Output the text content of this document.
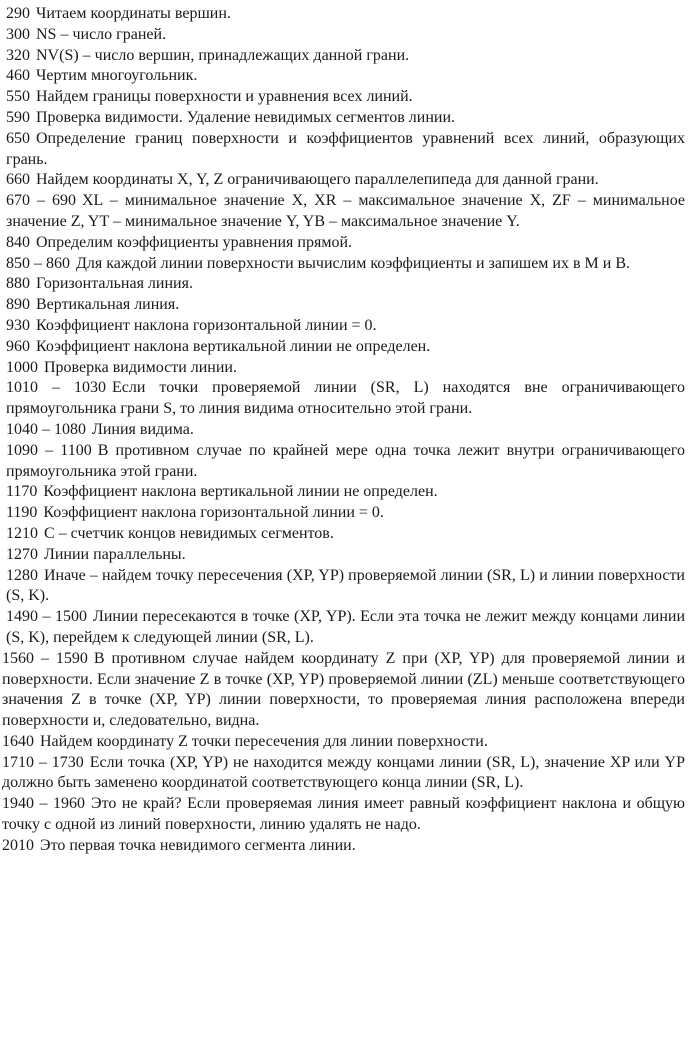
290 Читаем координаты вершин.

300 NS – число граней.

320 NV(S) – число вершин, принадлежащих данной грани.

460 Чертим многоугольник.

550 Найдем границы поверхности и уравнения всех линий.

590 Проверка видимости. Удаление невидимых сегментов линии.

650 Определение границ поверхности и коэффициентов уравнений всех линий, образующих грань.

660 Найдем координаты X, Y, Z ограничивающего параллелепипеда для данной грани.

670 – 690 XL – минимальное значение X, XR – максимальное значение X, ZF – минимальное значение Z, YT – минимальное значение Y, YB – максимальное значение Y.

840 Определим коэффициенты уравнения прямой.

850 – 860 Для каждой линии поверхности вычислим коэффициенты и запишем их в M и B.

880 Горизонтальная линия.

890 Вертикальная линия.

930 Коэффициент наклона горизонтальной линии = 0.

960 Коэффициент наклона вертикальной линии не определен.

1000 Проверка видимости линии.

1010 – 1030 Если точки проверяемой линии (SR, L) находятся вне ограничивающего прямоугольника грани S, то линия видима относительно этой грани.

1040 – 1080 Линия видима.

1090 – 1100 В противном случае по крайней мере одна точка лежит внутри ограничивающего прямоугольника этой грани.

1170 Коэффициент наклона вертикальной линии не определен.

1190 Коэффициент наклона горизонтальной линии = 0.

1210 C – счетчик концов невидимых сегментов.

1270 Линии параллельны.

1280 Иначе – найдем точку пересечения (XP, YP) проверяемой линии (SR, L) и линии поверхности (S, K).

1490 – 1500 Линии пересекаются в точке (XP, YP). Если эта точка не лежит между концами линии (S, K), перейдем к следующей линии (SR, L).

1560 – 1590 В противном случае найдем координату Z при (XP, YP) для проверяемой линии и поверхности. Если значение Z в точке (XP, YP) проверяемой линии (ZL) меньше соответствующего значения Z в точке (XP, YP) линии поверхности, то проверяемая линия расположена впереди поверхности и, следовательно, видна.

1640 Найдем координату Z точки пересечения для линии поверхности.

1710 – 1730 Если точка (XP, YP) не находится между концами линии (SR, L), значение XP или YP должно быть заменено координатой соответствующего конца линии (SR, L).

1940 – 1960 Это не край? Если проверяемая линия имеет равный коэффициент наклона и общую точку с одной из линий поверхности, линию удалять не надо.

2010 Это первая точка невидимого сегмента линии.
